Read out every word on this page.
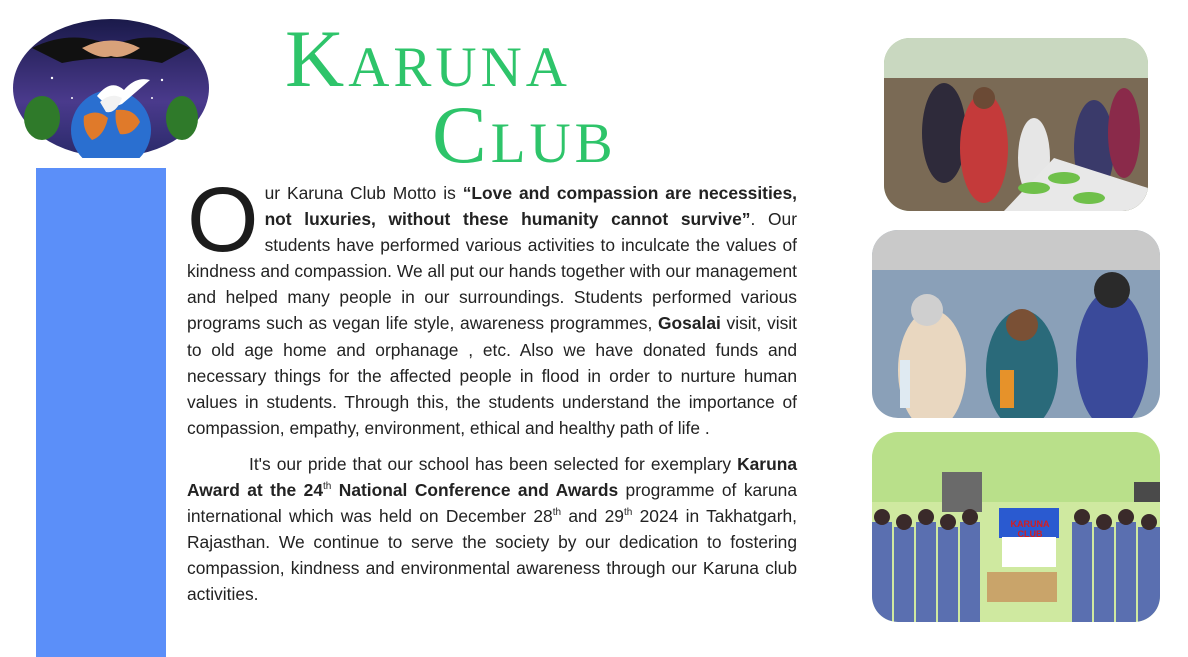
Karuna
Club

Our Karuna Club Motto is “Love and compassion are necessities, not luxuries, without these humanity cannot survive”. Our students have performed various activities to inculcate the values of kindness and compassion. We all put our hands together with our management and helped many people in our surroundings. Students performed various programs such as vegan life style, awareness programmes, Gosalai visit, visit to old age home and orphanage , etc. Also we have donated funds and necessary things for the affected people in flood in order to nurture human values in students. Through this, the students understand the importance of compassion, empathy, environment, ethical and healthy path of life .

It's our pride that our school has been selected for exemplary Karuna Award at the 24th National Conference and Awards programme of karuna international which was held on December 28th and 29th 2024 in Takhatgarh, Rajasthan. We continue to serve the society by our dedication to fostering compassion, kindness and environmental awareness through our Karuna club activities.

KARUNA CLUB
